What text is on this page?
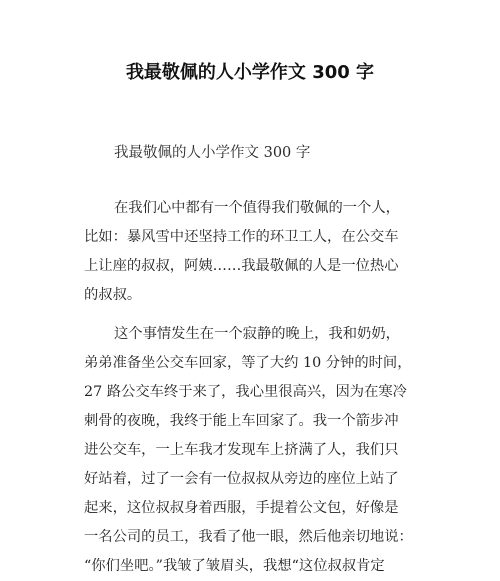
我最敬佩的人小学作文 300 字

我最敬佩的人小学作文 300 字

在我们心中都有一个值得我们敬佩的一个人，
比如：暴风雪中还坚持工作的环卫工人，在公交车
上让座的叔叔，阿姨……我最敬佩的人是一位热心
的叔叔。
这个事情发生在一个寂静的晚上，我和奶奶，
弟弟准备坐公交车回家，等了大约 10 分钟的时间，
27 路公交车终于来了，我心里很高兴，因为在寒冷
刺骨的夜晚，我终于能上车回家了。我一个箭步冲
进公交车，一上车我才发现车上挤满了人，我们只
好站着，过了一会有一位叔叔从旁边的座位上站了
起来，这位叔叔身着西服，手提着公文包，好像是
一名公司的员工，我看了他一眼，然后他亲切地说：
“你们坐吧。”我皱了皱眉头，我想“这位叔叔肯定
